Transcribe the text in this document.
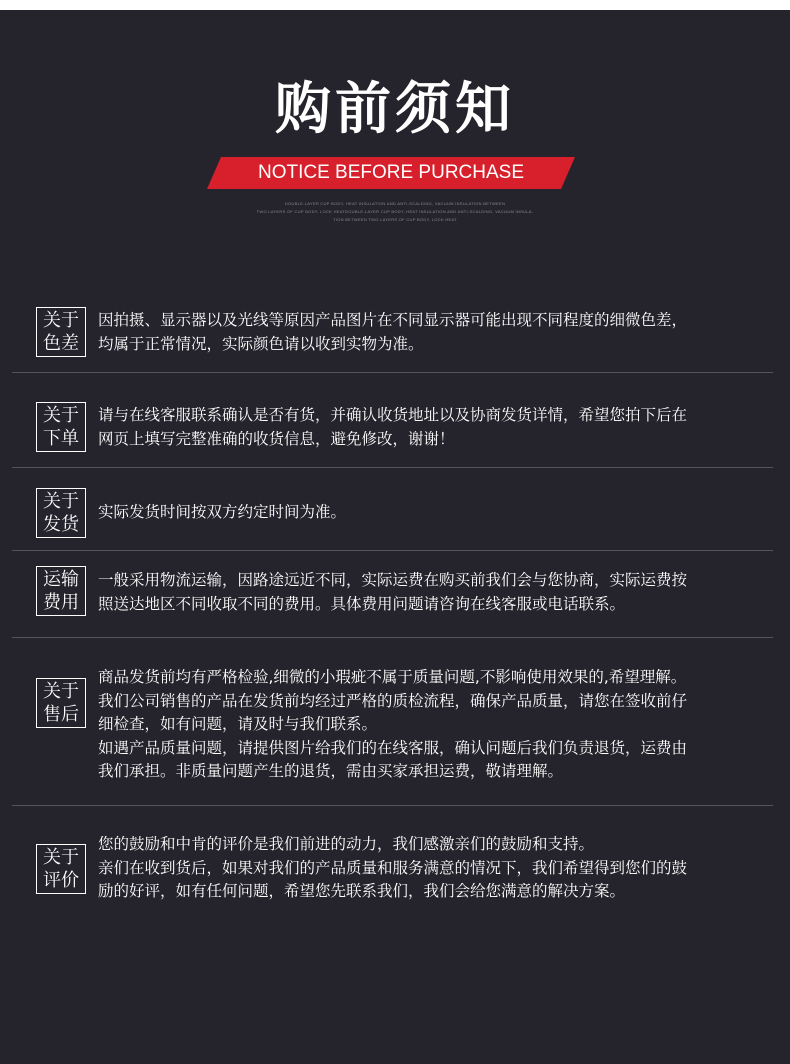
购前须知
NOTICE BEFORE PURCHASE
DOUBLE-LAYER CUP BODY, HEAT INSULATION AND ANTI-SCALDING, VACUUM INSULATION BETWEEN
TWO LAYERS OF CUP BODY, LOCK HEATDOUBLE-LAYER CUP BODY, HEAT INSULATION AND ANTI-SCALDING, VACUUM INSULA-
TION BETWEEN TWO LAYERS OF CUP BODY, LOCK HEAT
关于
色差

因拍摄、显示器以及光线等原因产品图片在不同显示器可能出现不同程度的细微色差，

均属于正常情况，实际颜色请以收到实物为准。

关于
下单

请与在线客服联系确认是否有货，并确认收货地址以及协商发货详情，希望您拍下后在

网页上填写完整准确的收货信息，避免修改，谢谢！

关于
发货

实际发货时间按双方约定时间为准。

运输
费用

一般采用物流运输，因路途远近不同，实际运费在购买前我们会与您协商，实际运费按

照送达地区不同收取不同的费用。具体费用问题请咨询在线客服或电话联系。

关于
售后

商品发货前均有严格检验,细微的小瑕疵不属于质量问题,不影响使用效果的,希望理解。

我们公司销售的产品在发货前均经过严格的质检流程，确保产品质量，请您在签收前仔

细检查，如有问题，请及时与我们联系。

如遇产品质量问题，请提供图片给我们的在线客服，确认问题后我们负责退货，运费由

我们承担。非质量问题产生的退货，需由买家承担运费，敬请理解。

关于
评价

您的鼓励和中肯的评价是我们前进的动力，我们感激亲们的鼓励和支持。

亲们在收到货后，如果对我们的产品质量和服务满意的情况下，我们希望得到您们的鼓

励的好评，如有任何问题，希望您先联系我们，我们会给您满意的解决方案。
